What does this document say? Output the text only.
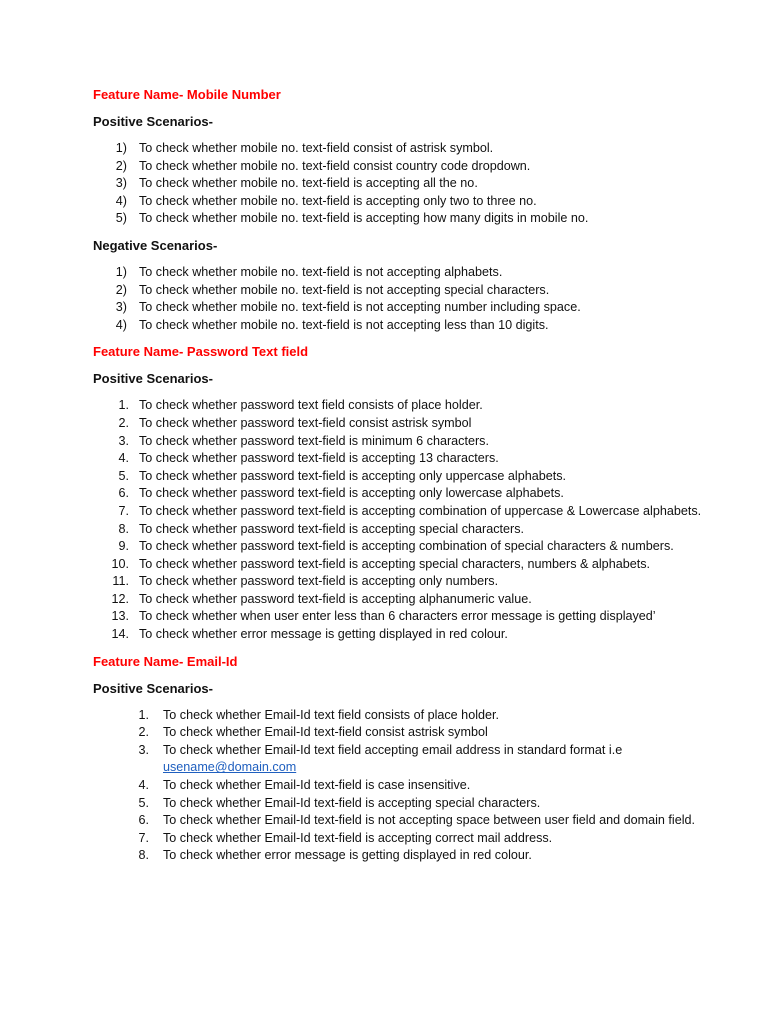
Feature Name- Mobile Number

Positive Scenarios-

1) To check whether mobile no. text-field consist of astrisk symbol.
2) To check whether mobile no. text-field consist country code dropdown.
3) To check whether mobile no. text-field is accepting all the no.
4) To check whether mobile no. text-field is accepting only two to three no.
5) To check whether mobile no. text-field is accepting how many digits in mobile no.

Negative Scenarios-

1) To check whether mobile no. text-field is not accepting alphabets.
2) To check whether mobile no. text-field is not accepting special characters.
3) To check whether mobile no. text-field is not accepting number including space.
4) To check whether mobile no. text-field is not accepting less than 10 digits.

Feature Name- Password Text field

Positive Scenarios-

1. To check whether password text field consists of place holder.
2. To check whether password text-field consist astrisk symbol
3. To check whether password text-field is minimum 6 characters.
4. To check whether password text-field is accepting 13 characters.
5. To check whether password text-field is accepting only uppercase alphabets.
6. To check whether password text-field is accepting only lowercase alphabets.
7. To check whether password text-field is accepting combination of uppercase & Lowercase alphabets.
8. To check whether password text-field is accepting special characters.
9. To check whether password text-field is accepting combination of special characters & numbers.
10. To check whether password text-field is accepting special characters, numbers & alphabets.
11. To check whether password text-field is accepting only numbers.
12. To check whether password text-field is accepting alphanumeric value.
13. To check whether when user enter less than 6 characters error message is getting displayed’
14. To check whether error message is getting displayed in red colour.

Feature Name- Email-Id

Positive Scenarios-

1. To check whether Email-Id text field consists of place holder.
2. To check whether Email-Id text-field consist astrisk symbol
3. To check whether Email-Id text field accepting email address in standard format i.e
usename@domain.com
4. To check whether Email-Id text-field is case insensitive.
5. To check whether Email-Id text-field is accepting special characters.
6. To check whether Email-Id text-field is not accepting space between user field and domain field.
7. To check whether Email-Id text-field is accepting correct mail address.
8. To check whether error message is getting displayed in red colour.
